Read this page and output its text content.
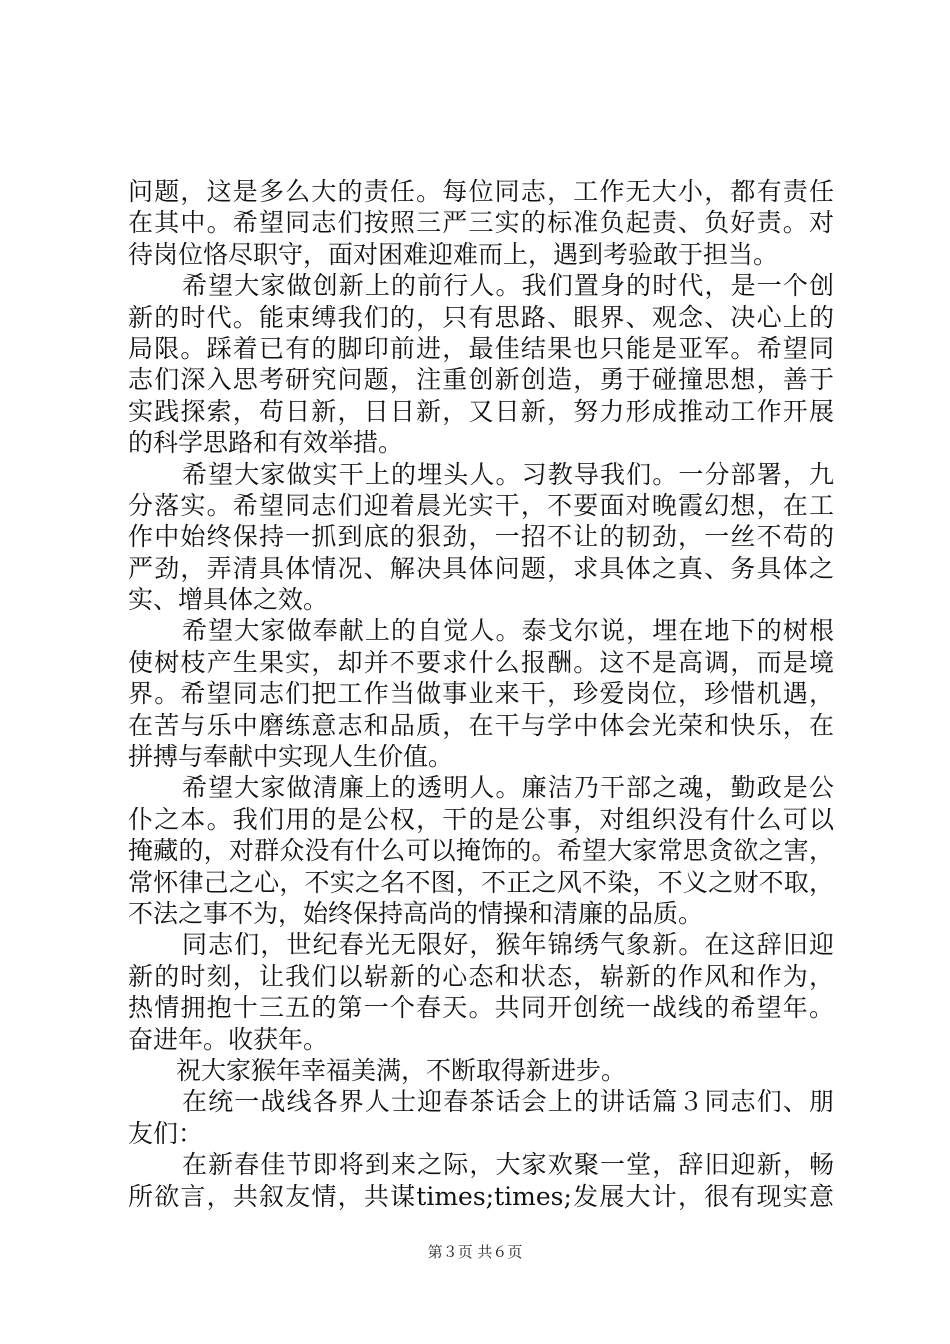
问题，这是多么大的责任。每位同志，工作无大小，都有责任
在其中。希望同志们按照三严三实的标准负起责、负好责。对
待岗位恪尽职守，面对困难迎难而上，遇到考验敢于担当。
希望大家做创新上的前行人。我们置身的时代，是一个创
新的时代。能束缚我们的，只有思路、眼界、观念、决心上的
局限。踩着已有的脚印前进，最佳结果也只能是亚军。希望同
志们深入思考研究问题，注重创新创造，勇于碰撞思想，善于
实践探索，苟日新，日日新，又日新，努力形成推动工作开展
的科学思路和有效举措。
希望大家做实干上的埋头人。习教导我们。一分部署，九
分落实。希望同志们迎着晨光实干，不要面对晚霞幻想，在工
作中始终保持一抓到底的狠劲，一招不让的韧劲，一丝不苟的
严劲，弄清具体情况、解决具体问题，求具体之真、务具体之
实、增具体之效。
希望大家做奉献上的自觉人。泰戈尔说，埋在地下的树根
使树枝产生果实，却并不要求什么报酬。这不是高调，而是境
界。希望同志们把工作当做事业来干，珍爱岗位，珍惜机遇，
在苦与乐中磨练意志和品质，在干与学中体会光荣和快乐，在
拼搏与奉献中实现人生价值。
希望大家做清廉上的透明人。廉洁乃干部之魂，勤政是公
仆之本。我们用的是公权，干的是公事，对组织没有什么可以
掩藏的，对群众没有什么可以掩饰的。希望大家常思贪欲之害，
常怀律己之心，不实之名不图，不正之风不染，不义之财不取，
不法之事不为，始终保持高尚的情操和清廉的品质。
同志们，世纪春光无限好，猴年锦绣气象新。在这辞旧迎
新的时刻，让我们以崭新的心态和状态，崭新的作风和作为，
热情拥抱十三五的第一个春天。共同开创统一战线的希望年。
奋进年。收获年。
祝大家猴年幸福美满，不断取得新进步。
在统一战线各界人士迎春茶话会上的讲话篇３同志们、朋
友们：
在新春佳节即将到来之际，大家欢聚一堂，辞旧迎新，畅
所欲言，共叙友情，共谋times;times;发展大计，很有现实意
第３页 共６页
